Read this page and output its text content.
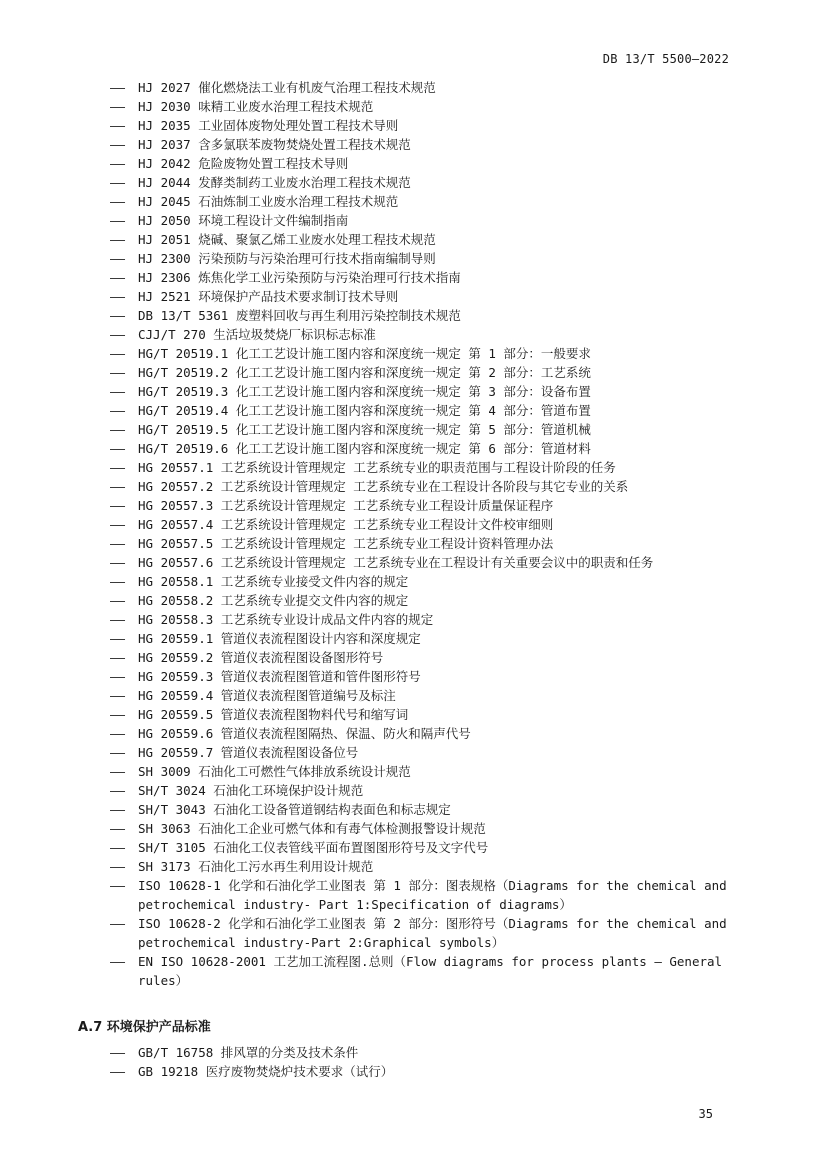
DB 13/T 5500—2022
——	HJ 2027 催化燃烧法工业有机废气治理工程技术规范
——	HJ 2030 味精工业废水治理工程技术规范
——	HJ 2035 工业固体废物处理处置工程技术导则
——	HJ 2037 含多氯联苯废物焚烧处置工程技术规范
——	HJ 2042 危险废物处置工程技术导则
——	HJ 2044 发酵类制药工业废水治理工程技术规范
——	HJ 2045 石油炼制工业废水治理工程技术规范
——	HJ 2050 环境工程设计文件编制指南
——	HJ 2051 烧碱、聚氯乙烯工业废水处理工程技术规范
——	HJ 2300 污染预防与污染治理可行技术指南编制导则
——	HJ 2306 炼焦化学工业污染预防与污染治理可行技术指南
——	HJ 2521 环境保护产品技术要求制订技术导则
——	DB 13/T 5361 废塑料回收与再生利用污染控制技术规范
——	CJJ/T 270 生活垃圾焚烧厂标识标志标准
——	HG/T 20519.1 化工工艺设计施工图内容和深度统一规定 第 1 部分：一般要求
——	HG/T 20519.2 化工工艺设计施工图内容和深度统一规定 第 2 部分：工艺系统
——	HG/T 20519.3 化工工艺设计施工图内容和深度统一规定 第 3 部分：设备布置
——	HG/T 20519.4 化工工艺设计施工图内容和深度统一规定 第 4 部分：管道布置
——	HG/T 20519.5 化工工艺设计施工图内容和深度统一规定 第 5 部分：管道机械
——	HG/T 20519.6 化工工艺设计施工图内容和深度统一规定 第 6 部分：管道材料
——	HG 20557.1 工艺系统设计管理规定 工艺系统专业的职责范围与工程设计阶段的任务
——	HG 20557.2 工艺系统设计管理规定 工艺系统专业在工程设计各阶段与其它专业的关系
——	HG 20557.3 工艺系统设计管理规定 工艺系统专业工程设计质量保证程序
——	HG 20557.4 工艺系统设计管理规定 工艺系统专业工程设计文件校审细则
——	HG 20557.5 工艺系统设计管理规定 工艺系统专业工程设计资料管理办法
——	HG 20557.6 工艺系统设计管理规定 工艺系统专业在工程设计有关重要会议中的职责和任务
——	HG 20558.1 工艺系统专业接受文件内容的规定
——	HG 20558.2 工艺系统专业提交文件内容的规定
——	HG 20558.3 工艺系统专业设计成品文件内容的规定
——	HG 20559.1 管道仪表流程图设计内容和深度规定
——	HG 20559.2 管道仪表流程图设备图形符号
——	HG 20559.3 管道仪表流程图管道和管件图形符号
——	HG 20559.4 管道仪表流程图管道编号及标注
——	HG 20559.5 管道仪表流程图物料代号和缩写词
——	HG 20559.6 管道仪表流程图隔热、保温、防火和隔声代号
——	HG 20559.7 管道仪表流程图设备位号
——	SH 3009 石油化工可燃性气体排放系统设计规范
——	SH/T 3024 石油化工环境保护设计规范
——	SH/T 3043 石油化工设备管道钢结构表面色和标志规定
——	SH 3063 石油化工企业可燃气体和有毒气体检测报警设计规范
——	SH/T 3105 石油化工仪表管线平面布置图图形符号及文字代号
——	SH 3173 石油化工污水再生利用设计规范
——	ISO 10628-1 化学和石油化学工业图表 第 1 部分：图表规格（Diagrams for the chemical and petrochemical industry- Part 1:Specification of diagrams）
——	ISO 10628-2 化学和石油化学工业图表 第 2 部分：图形符号（Diagrams for the chemical and petrochemical industry-Part 2:Graphical symbols）
——	EN ISO 10628-2001 工艺加工流程图.总则（Flow diagrams for process plants — General rules）
A.7 环境保护产品标准
——	GB/T 16758 排风罩的分类及技术条件
——	GB 19218 医疗废物焚烧炉技术要求（试行）
35
